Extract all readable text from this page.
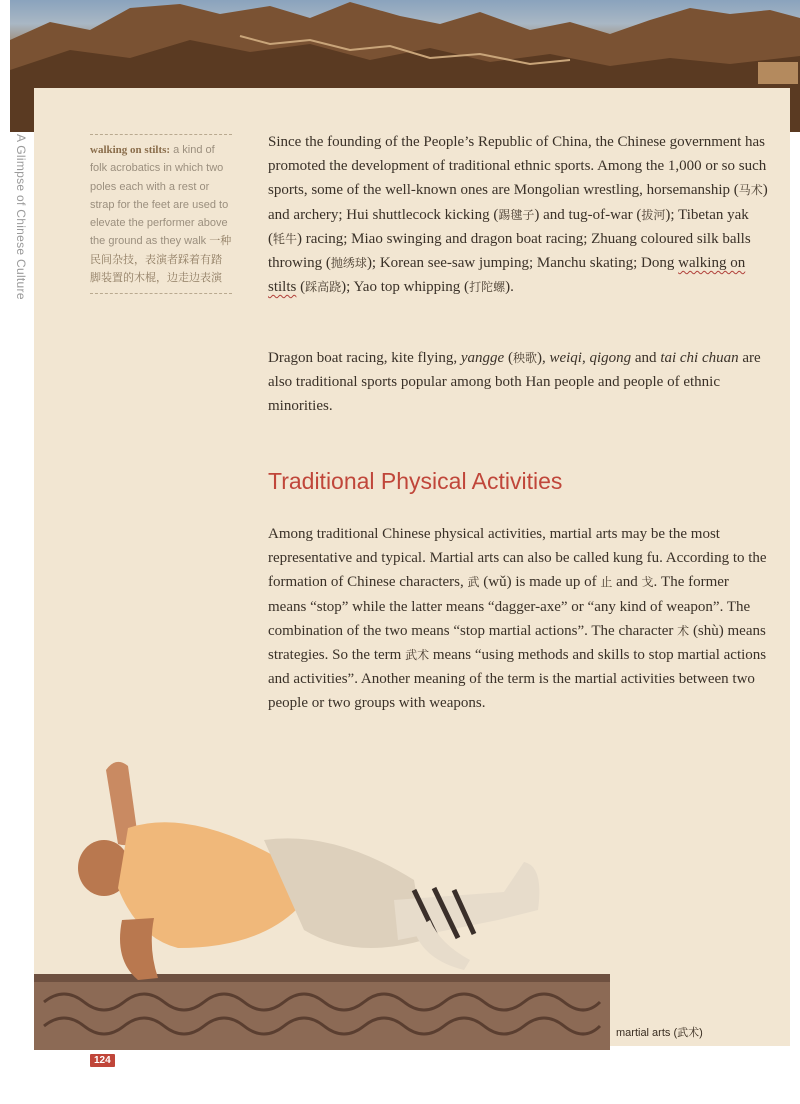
A Glimpse of Chinese Culture	walking on stilts: a kind of folk acrobatics in which two poles each with a rest or strap for the feet are used to elevate the performer above the ground as they walk 一种民间杂技，表演者踩着有踏脚装置的木棍，边走边表演

Since the founding of the People’s Republic of China, the Chinese government has promoted the development of traditional ethnic sports. Among the 1,000 or so such sports, some of the well-known ones are Mongolian wrestling, horsemanship (马术) and archery; Hui shuttlecock kicking (踢毽子) and tug-of-war (拔河); Tibetan yak (牦牛) racing; Miao swinging and dragon boat racing; Zhuang coloured silk balls throwing (抛绣球); Korean see-saw jumping; Manchu skating; Dong walking on stilts (踩高跷); Yao top whipping (打陀螺).

Dragon boat racing, kite flying, yangge (秧歌), weiqi, qigong and tai chi chuan are also traditional sports popular among both Han people and people of ethnic minorities.

Traditional Physical Activities

Among traditional Chinese physical activities, martial arts may be the most representative and typical. Martial arts can also be called kung fu. According to the formation of Chinese characters, 武 (wǔ) is made up of 止 and 戈. The former means “stop” while the latter means “dagger-axe” or “any kind of weapon”. The combination of the two means “stop martial actions”. The character 术 (shù) means strategies. So the term 武术 means “using methods and skills to stop martial actions and activities”. Another meaning of the term is the martial activities between two people or two groups with weapons.

martial arts (武术)
124
